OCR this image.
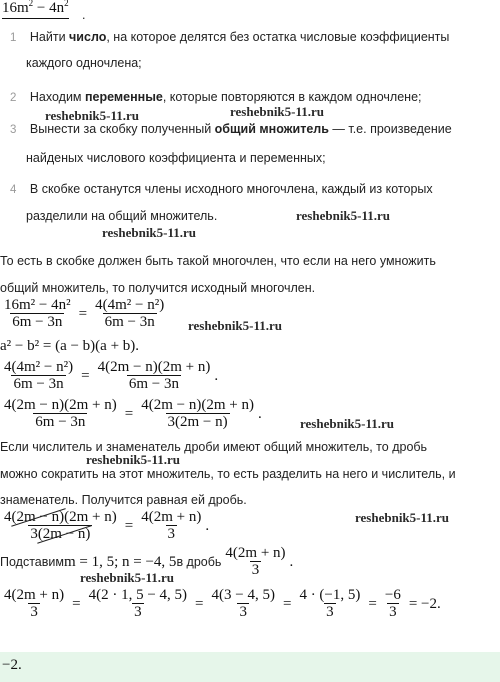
$16m^2 - 4n^2$
.
1 Найти число, на которое делятся без остатка числовые коэффициенты
каждого одночлена;
2 Находим переменные, которые повторяются в каждом одночлене;
3 Вынести за скобку полученный общий множитель — т.е. произведение
найденых числового коэффициента и переменных;
4 В скобке останутся члены исходного многочлена, каждый из которых
разделили на общий множитель.
То есть в скобке должен быть такой многочлен, что если на него умножить
общий множитель, то получится исходный многочлен.
$\frac{\text{16m² − 4n²}}{6m - 3n} = \frac{\text{4(4m² − n²)}}{6m - 3n}$
a² − b² = (a − b)(a + b).
$\frac{\text{4(4m² − n²)}}{6m - 3n} = \frac{4(2m - n)(2m + n)}{6m - 3n}$ .
$\frac{4(2m - n)(2m + n)}{6m - 3n} = \frac{4(2m - n)(2m + n)}{3(2m - n)}$ .
Если числитель и знаменатель дроби имеют общий множитель, то дробь
можно сократить на этот множитель, то есть разделить на него и числитель, и
знаменатель. Получится равная ей дробь.
$\frac{4(2m - n)(2m + n)}{3(2m - n)} = \frac{4(2m + n)}{3}$ .
Подставим m = 1, 5; n = −4, 5 в дробь $\frac{4(2m + n)}{3}$ .
$\frac{4(2m + n)}{3} = \frac{4(2 \cdot 1, 5 - 4, 5)}{3} = \frac{4(3 - 4, 5)}{3} = \frac{4 \cdot (-1, 5)}{3} = \frac{-6}{3} = -2$.
−2.
reshebnik5-11.ru	reshebnik5-11.ru
reshebnik5-11.ru
reshebnik5-11.ru
reshebnik5-11.ru
reshebnik5-11.ru
reshebnik5-11.ru
reshebnik5-11.ru
reshebnik5-11.ru
